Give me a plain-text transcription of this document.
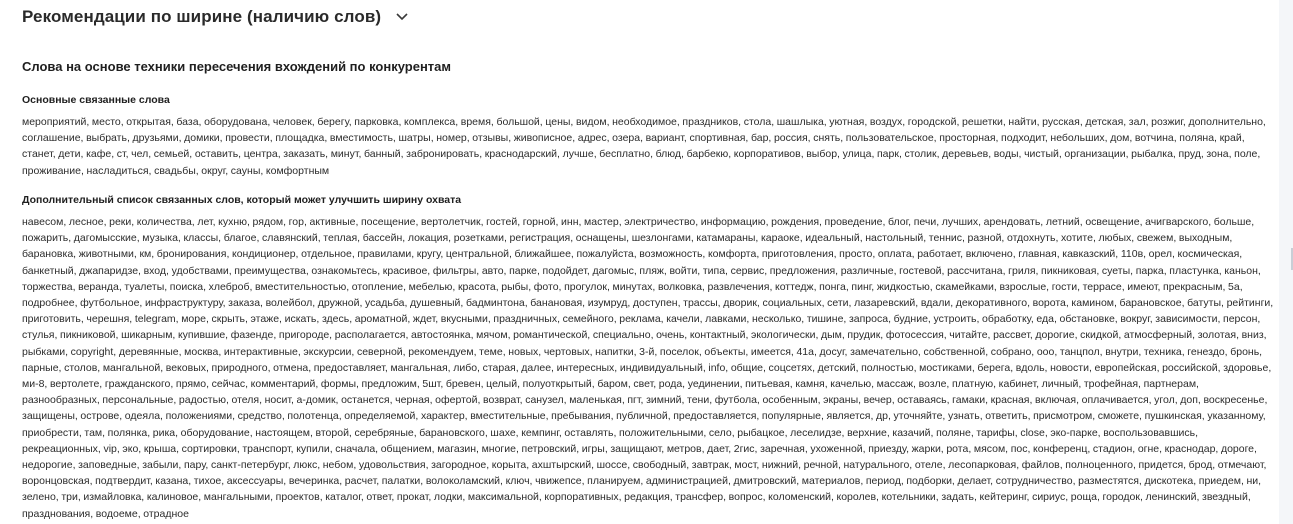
Рекомендации по ширине (наличию слов)
Слова на основе техники пересечения вхождений по конкурентам
Основные связанные слова
мероприятий, место, открытая, база, оборудована, человек, берегу, парковка, комплекса, время, большой, цены, видом, необходимое, праздников, стола, шашлыка, уютная, воздух, городской, решетки, найти, русская, детская, зал, розжиг, дополнительно, соглашение, выбрать, друзьями, домики, провести, площадка, вместимость, шатры, номер, отзывы, живописное, адрес, озера, вариант, спортивная, бар, россия, снять, пользовательское, просторная, подходит, небольших, дом, вотчина, поляна, край, станет, дети, кафе, ст, чел, семьей, оставить, центра, заказать, минут, банный, забронировать, краснодарский, лучше, бесплатно, блюд, барбекю, корпоративов, выбор, улица, парк, столик, деревьев, воды, чистый, организации, рыбалка, пруд, зона, поле, проживание, насладиться, свадьбы, округ, сауны, комфортным
Дополнительный список связанных слов, который может улучшить ширину охвата
навесом, лесное, реки, количества, лет, кухню, рядом, гор, активные, посещение, вертолетчик, гостей, горной, инн, мастер, электричество, информацию, рождения, проведение, блог, печи, лучших, арендовать, летний, освещение, ачигварского, больше, пожарить, дагомысские, музыка, классы, благое, славянский, теплая, бассейн, локация, розетками, регистрация, оснащены, шезлонгами, катамараны, караоке, идеальный, настольный, теннис, разной, отдохнуть, хотите, любых, свежем, выходным, барановка, животными, км, бронирования, кондиционер, отдельное, правилами, кругу, центральной, ближайшее, пожалуйста, возможность, комфорта, приготовления, просто, оплата, работает, включено, главная, кавказский, 110в, орел, космическая, банкетный, джапаридзе, вход, удобствами, преимущества, ознакомьтесь, красивое, фильтры, авто, парке, подойдет, дагомыс, пляж, войти, типа, сервис, предложения, различные, гостевой, рассчитана, гриля, пикниковая, суеты, парка, пластунка, каньон, торжества, веранда, туалеты, поиска, хлеброб, вместительностью, отопление, мебелью, красота, рыбы, фото, прогулок, минутах, волковка, развлечения, коттедж, понга, пинг, жидкостью, скамейками, взрослые, гости, террасе, имеют, прекрасным, 5а, подробнее, футбольное, инфраструктуру, заказа, волейбол, дружной, усадьба, душевный, бадминтона, банановая, изумруд, доступен, трассы, дворик, социальных, сети, лазаревский, вдали, декоративного, ворота, камином, барановское, батуты, рейтинги, приготовить, черешня, telegram, море, скрыть, этаже, искать, здесь, ароматной, ждет, вкусными, праздничных, семейного, реклама, качели, лавками, несколько, тишине, запроса, будние, устроить, обработку, еда, обстановке, вокруг, зависимости, персон, стулья, пикниковой, шикарным, купившие, фазенде, пригороде, располагается, автостоянка, мячом, романтической, специально, очень, контактный, экологически, дым, прудик, фотосессия, читайте, рассвет, дорогие, скидкой, атмосферный, золотая, вниз, рыбками, copyright, деревянные, москва, интерактивные, экскурсии, северной, рекомендуем, теме, новых, чертовых, напитки, 3-й, поселок, объекты, имеется, 41а, досуг, замечательно, собственной, собрано, ооо, танцпол, внутри, техника, генездо, бронь, парные, столов, мангальной, вековых, природного, отмена, предоставляет, мангальная, либо, старая, далее, интересных, индивидуальный, info, общие, соцсетях, детский, полностью, мостиками, берега, вдоль, новости, европейская, российской, здоровье, ми-8, вертолете, гражданского, прямо, сейчас, комментарий, формы, предложим, 5шт, бревен, целый, полуоткрытый, баром, свет, рода, уединении, питьевая, камня, качелью, массаж, возле, платную, кабинет, личный, трофейная, партнерам, разнообразных, персональные, радостью, отеля, носит, а-домик, останется, черная, офертой, возврат, санузел, маленькая, пгт, зимний, тени, футбола, особенным, экраны, вечер, оставаясь, гамаки, красная, включая, оплачивается, угол, доп, воскресенье, защищены, острове, одеяла, положениями, средство, полотенца, определяемой, характер, вместительные, пребывания, публичной, предоставляется, популярные, является, др, уточняйте, узнать, ответить, присмотром, сможете, пушкинская, указанному, приобрести, там, полянка, рика, оборудование, настоящем, второй, серебряные, барановского, шахе, кемпинг, оставлять, положительными, село, рыбацкое, леселидзе, верхние, казачий, поляне, тарифы, close, эко-парке, воспользовавшись, рекреационных, vip, эко, крыша, сортировки, транспорт, купили, сначала, общением, магазин, многие, петровский, игры, защищают, метров, дает, 2гис, заречная, ухоженной, приезду, жарки, рота, мясом, пос, конференц, стадион, огне, краснодар, дороге, недорогие, заповедные, забыли, пару, санкт-петербург, люкс, небом, удовольствия, загородное, корыта, ахштырский, шоссе, свободный, завтрак, мост, нижний, речной, натурального, отеле, лесопарковая, файлов, полноценного, придется, брод, отмечают, воронцовская, подтвердит, казана, тихое, аксессуары, вечеринка, расчет, палатки, волоколамский, ключ, чвижепсе, планируем, администрацией, дмитровский, материалов, период, подборки, делает, сотрудничество, разместятся, дискотека, приедем, ни, зелено, три, измайловка, калиновое, мангальными, проектов, каталог, ответ, прокат, лодки, максимальной, корпоративных, редакция, трансфер, вопрос, коломенский, королев, котельники, задать, кейтеринг, сириус, роща, городок, ленинский, звездный, празднования, водоеме, отрадное
